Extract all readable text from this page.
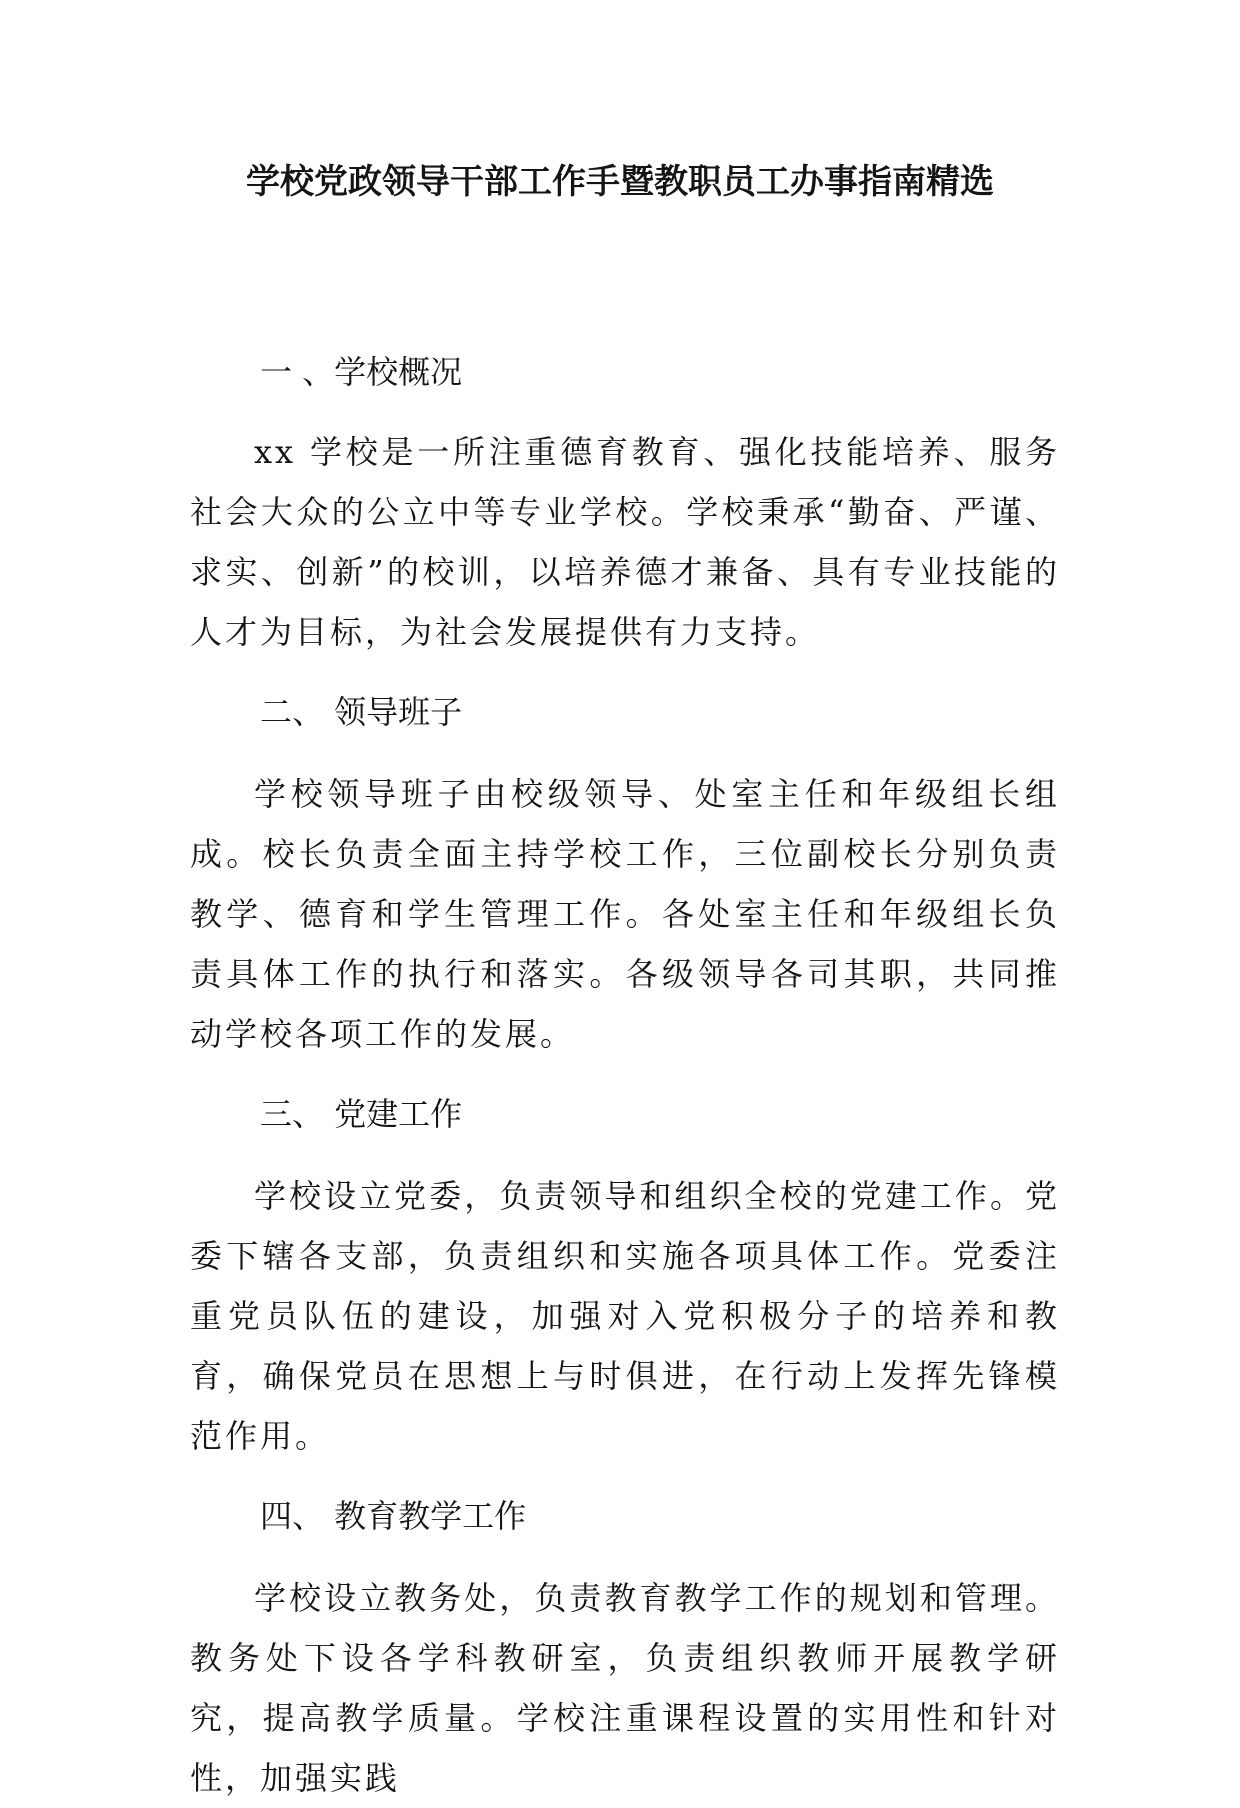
学校党政领导干部工作手暨教职员工办事指南精选
一 、学校概况

xx 学校是一所注重德育教育、强化技能培养、服务社会大众的公立中等专业学校。学校秉承“勤奋、严谨、求实、创新”的校训，以培养德才兼备、具有专业技能的人才为目标，为社会发展提供有力支持。

二、 领导班子

学校领导班子由校级领导、处室主任和年级组长组成。校长负责全面主持学校工作，三位副校长分别负责教学、德育和学生管理工作。各处室主任和年级组长负责具体工作的执行和落实。各级领导各司其职，共同推动学校各项工作的发展。

三、 党建工作

学校设立党委，负责领导和组织全校的党建工作。党委下辖各支部，负责组织和实施各项具体工作。党委注重党员队伍的建设，加强对入党积极分子的培养和教育，确保党员在思想上与时俱进，在行动上发挥先锋模范作用。

四、 教育教学工作

学校设立教务处，负责教育教学工作的规划和管理。教务处下设各学科教研室，负责组织教师开展教学研究，提高教学质量。学校注重课程设置的实用性和针对性，加强实践
